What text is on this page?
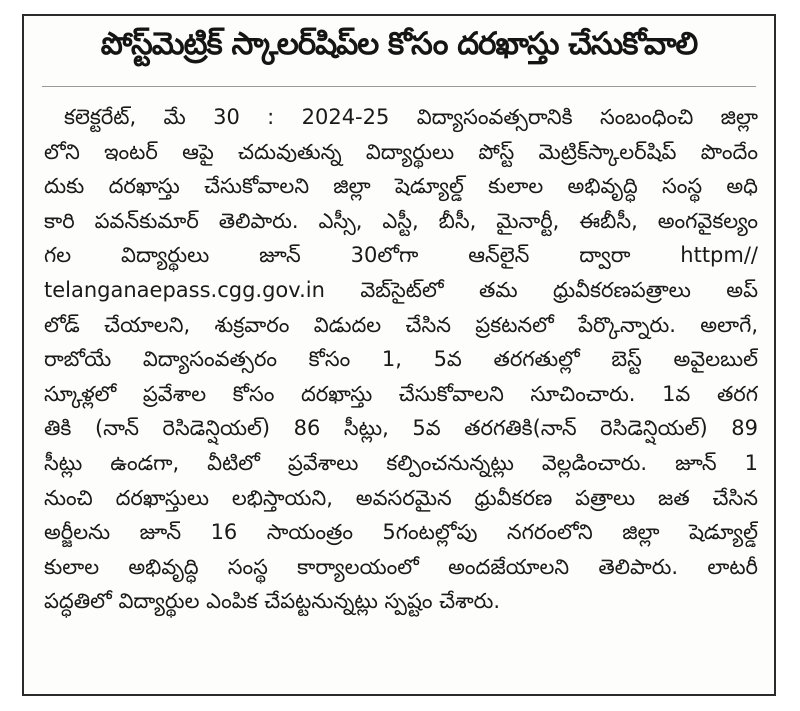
పోస్ట్‌మెట్రిక్ స్కాలర్‌షిప్‌ల కోసం దరఖాస్తు చేసుకోవాలి
కలెక్టరేట్, మే 30 : 2024-25 విద్యాసంవత్సరానికి సంబంధించి జిల్లా
లోని ఇంటర్ ఆపై చదువుతున్న విద్యార్థులు పోస్ట్ మెట్రిక్‌స్కాలర్‌షిప్ పొందేం
దుకు దరఖాస్తు చేసుకోవాలని జిల్లా షెడ్యూల్డ్ కులాల అభివృద్ధి సంస్థ అధి
కారి పవన్‌కుమార్ తెలిపారు. ఎస్సీ, ఎస్టీ, బీసీ, మైనార్టీ, ఈబీసీ, అంగవైకల్యం
గల విద్యార్థులు జూన్ 30లోగా ఆన్‌లైన్ ద్వారా httpm//
telanganaepass.cgg.gov.in వెబ్‌సైట్‌లో తమ ధ్రువీకరణపత్రాలు అప్
లోడ్ చేయాలని, శుక్రవారం విడుదల చేసిన ప్రకటనలో పేర్కొన్నారు. అలాగే,
రాబోయే విద్యాసంవత్సరం కోసం 1, 5వ తరగతుల్లో బెస్ట్ అవైలబుల్
స్కూళ్లలో ప్రవేశాల కోసం దరఖాస్తు చేసుకోవాలని సూచించారు. 1వ తరగ
తికి (నాన్ రెసిడెన్షియల్) 86 సీట్లు, 5వ తరగతికి(నాన్ రెసిడెన్షియల్) 89
సీట్లు ఉండగా, వీటిలో ప్రవేశాలు కల్పించనున్నట్లు వెల్లడించారు. జూన్ 1
నుంచి దరఖాస్తులు లభిస్తాయని, అవసరమైన ధ్రువీకరణ పత్రాలు జత చేసిన
అర్జీలను జూన్ 16 సాయంత్రం 5గంటల్లోపు నగరంలోని జిల్లా షెడ్యూల్డ్
కులాల అభివృద్ధి సంస్థ కార్యాలయంలో అందజేయాలని తెలిపారు. లాటరీ
పద్ధతిలో విద్యార్థుల ఎంపిక చేపట్టనున్నట్లు స్పష్టం చేశారు.
